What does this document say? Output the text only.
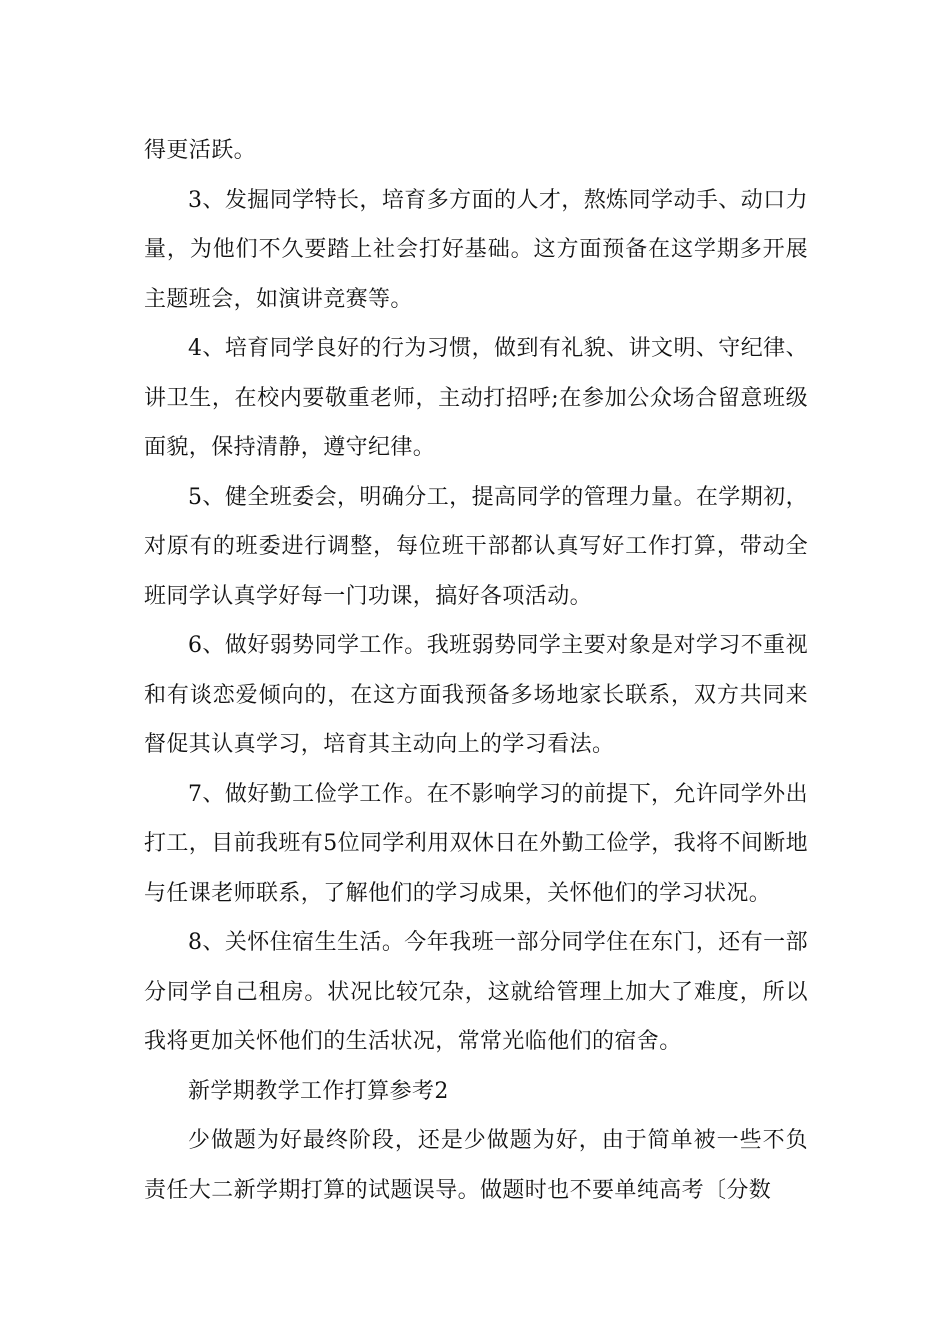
得更活跃。

3、发掘同学特长，培育多方面的人才，熬炼同学动手、动口力量，为他们不久要踏上社会打好基础。这方面预备在这学期多开展主题班会，如演讲竞赛等。

4、培育同学良好的行为习惯，做到有礼貌、讲文明、守纪律、讲卫生，在校内要敬重老师，主动打招呼;在参加公众场合留意班级面貌，保持清静，遵守纪律。

5、健全班委会，明确分工，提高同学的管理力量。在学期初，对原有的班委进行调整，每位班干部都认真写好工作打算，带动全班同学认真学好每一门功课，搞好各项活动。

6、做好弱势同学工作。我班弱势同学主要对象是对学习不重视和有谈恋爱倾向的，在这方面我预备多场地家长联系，双方共同来督促其认真学习，培育其主动向上的学习看法。

7、做好勤工俭学工作。在不影响学习的前提下，允许同学外出打工，目前我班有5位同学利用双休日在外勤工俭学，我将不间断地与任课老师联系，了解他们的学习成果，关怀他们的学习状况。

8、关怀住宿生生活。今年我班一部分同学住在东门，还有一部分同学自己租房。状况比较冗杂，这就给管理上加大了难度，所以我将更加关怀他们的生活状况，常常光临他们的宿舍。

新学期教学工作打算参考2

少做题为好最终阶段，还是少做题为好，由于简单被一些不负责任大二新学期打算的试题误导。做题时也不要单纯高考〔分数
